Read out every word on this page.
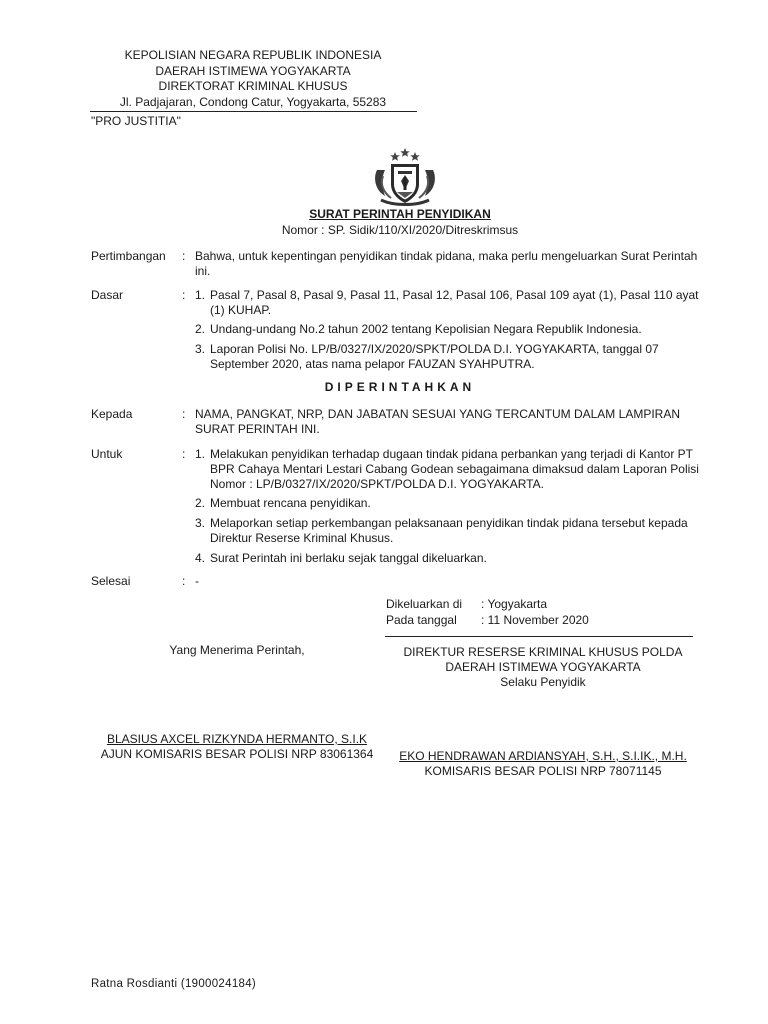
KEPOLISIAN NEGARA REPUBLIK INDONESIA
DAERAH ISTIMEWA YOGYAKARTA
DIREKTORAT KRIMINAL KHUSUS
Jl. Padjajaran, Condong Catur, Yogyakarta, 55283
"PRO JUSTITIA"
SURAT PERINTAH PENYIDIKAN
Nomor : SP. Sidik/110/XI/2020/Ditreskrimsus
Pertimbangan : Bahwa, untuk kepentingan penyidikan tindak pidana, maka perlu mengeluarkan Surat Perintah ini.
Dasar	: 1. Pasal 7, Pasal 8, Pasal 9, Pasal 11, Pasal 12, Pasal 106, Pasal 109 ayat (1), Pasal 110 ayat (1) KUHAP.
2. Undang-undang No.2 tahun 2002 tentang Kepolisian Negara Republik Indonesia.
3. Laporan Polisi No. LP/B/0327/IX/2020/SPKT/POLDA D.I. YOGYAKARTA, tanggal 07 September 2020, atas nama pelapor FAUZAN SYAHPUTRA.
DIPERINTAHKAN
Kepada	: NAMA, PANGKAT, NRP, DAN JABATAN SESUAI YANG TERCANTUM DALAM LAMPIRAN SURAT PERINTAH INI.
Untuk	: 1. Melakukan penyidikan terhadap dugaan tindak pidana perbankan yang terjadi di Kantor PT BPR Cahaya Mentari Lestari Cabang Godean sebagaimana dimaksud dalam Laporan Polisi Nomor : LP/B/0327/IX/2020/SPKT/POLDA D.I. YOGYAKARTA.
2. Membuat rencana penyidikan.
3. Melaporkan setiap perkembangan pelaksanaan penyidikan tindak pidana tersebut kepada Direktur Reserse Kriminal Khusus.
4. Surat Perintah ini berlaku sejak tanggal dikeluarkan.
Selesai	: -
Dikeluarkan di : Yogyakarta
Pada tanggal : 11 November 2020
Yang Menerima Perintah,
BLASIUS AXCEL RIZKYNDA HERMANTO, S.I.K
AJUN KOMISARIS BESAR POLISI NRP 83061364
DIREKTUR RESERSE KRIMINAL KHUSUS POLDA
DAERAH ISTIMEWA YOGYAKARTA
Selaku Penyidik
EKO HENDRAWAN ARDIANSYAH, S.H., S.I.IK., M.H.
KOMISARIS BESAR POLISI NRP 78071145
Ratna Rosdianti (1900024184)
